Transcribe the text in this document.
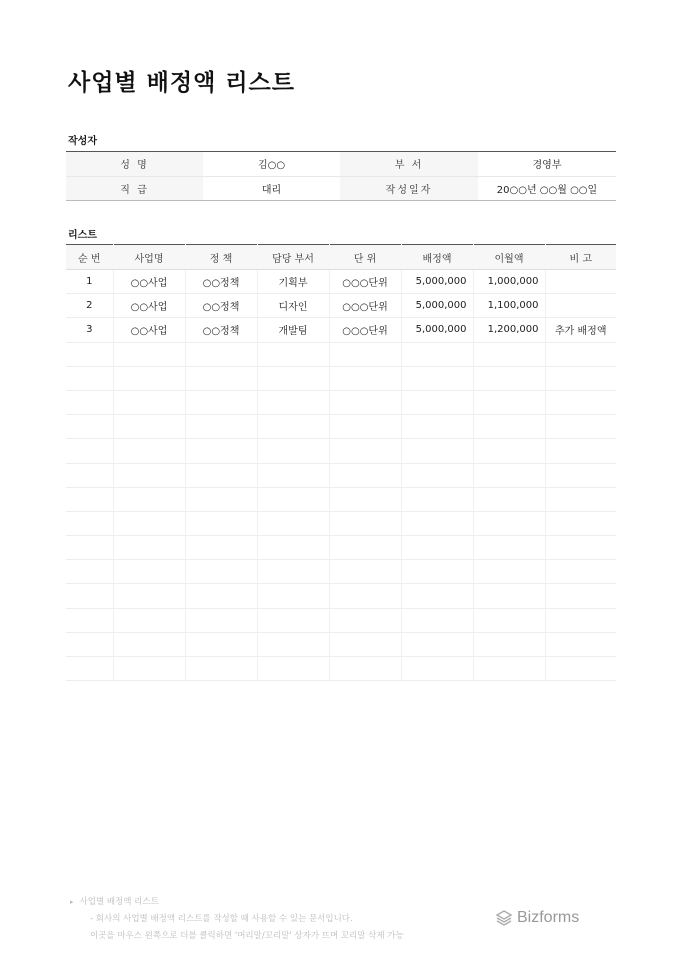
사업별 배정액 리스트
작성자
성 명	김○○	부 서	경영부
직 급	대리	작성일자	20○○년 ○○월 ○○일
리스트
순 번	사업명	정 책	담당 부서	단 위	배정액	이월액	비 고
1	○○사업	○○정책	기획부	○○○단위	5,000,000	1,000,000	
2	○○사업	○○정책	디자인	○○○단위	5,000,000	1,100,000	
3	○○사업	○○정책	개발팀	○○○단위	5,000,000	1,200,000	추가 배정액

▸ 사업별 배정액 리스트
- 회사의 사업별 배정액 리스트를 작성할 때 사용할 수 있는 문서입니다.
이곳을 마우스 왼쪽으로 더블 클릭하면 '머리말/꼬리말' 상자가 뜨며 꼬리말 삭제 가능
Bizforms
